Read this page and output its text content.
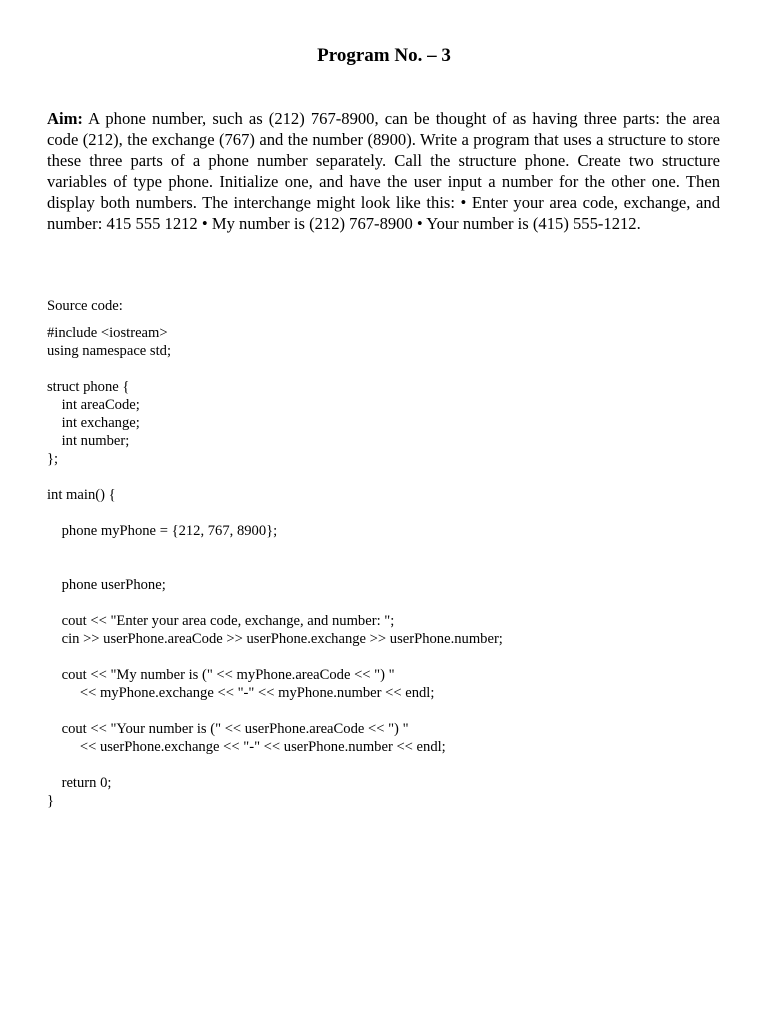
Program No. – 3

Aim: A phone number, such as (212) 767-8900, can be thought of as having three parts: the area code (212), the exchange (767) and the number (8900). Write a program that uses a structure to store these three parts of a phone number separately. Call the structure phone. Create two structure variables of type phone. Initialize one, and have the user input a number for the other one. Then display both numbers. The interchange might look like this: • Enter your area code, exchange, and number: 415 555 1212 • My number is (212) 767-8900 • Your number is (415) 555-1212.

Source code:
#include <iostream>
using namespace std;
struct phone {
int areaCode;
int exchange;
int number;
};
int main() {
phone myPhone = {212, 767, 8900};
phone userPhone;
cout << "Enter your area code, exchange, and number: ";
cin >> userPhone.areaCode >> userPhone.exchange >> userPhone.number;
cout << "My number is (" << myPhone.areaCode << ") "
<< myPhone.exchange << "-" << myPhone.number << endl;
cout << "Your number is (" << userPhone.areaCode << ") "
<< userPhone.exchange << "-" << userPhone.number << endl;
return 0;
}
